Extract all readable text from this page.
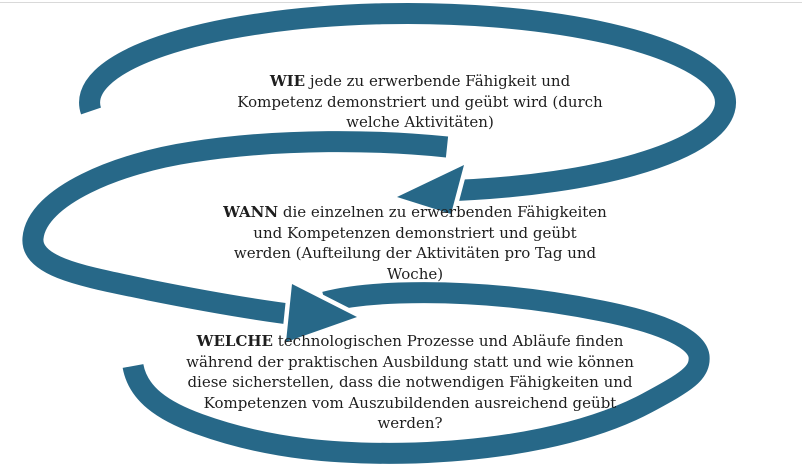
WIE jede zu erwerbende Fähigkeit und
Kompetenz demonstriert und geübt wird (durch
welche Aktivitäten)
WANN die einzelnen zu erwerbenden Fähigkeiten
und Kompetenzen demonstriert und geübt
werden (Aufteilung der Aktivitäten pro Tag und
Woche)
WELCHE technologischen Prozesse und Abläufe finden
während der praktischen Ausbildung statt und wie können
diese sicherstellen, dass die notwendigen Fähigkeiten und
Kompetenzen vom Auszubildenden ausreichend geübt
werden?
